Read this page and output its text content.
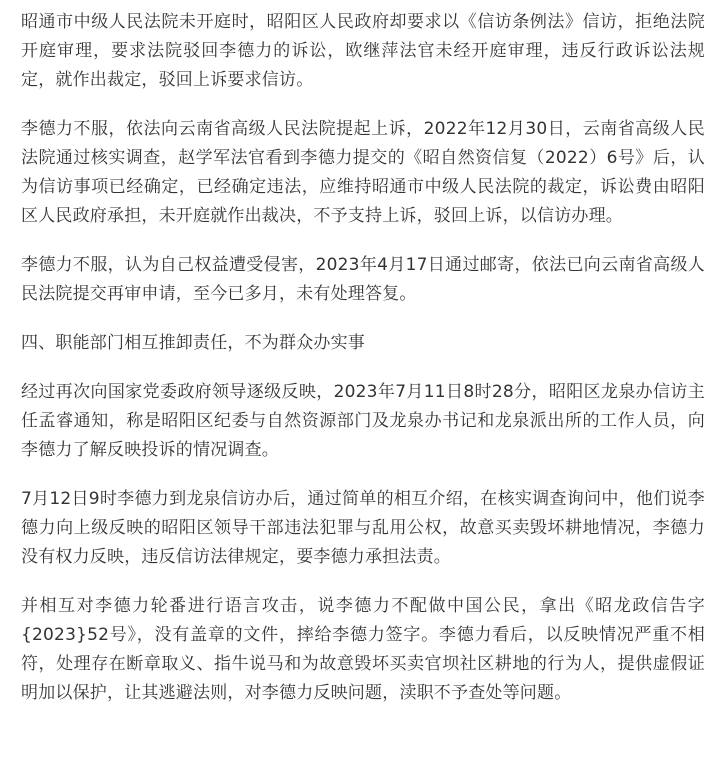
昭通市中级人民法院未开庭时，昭阳区人民政府却要求以《信访条例法》信访，拒绝法院开庭审理，要求法院驳回李德力的诉讼，欧继萍法官未经开庭审理，违反行政诉讼法规定，就作出裁定，驳回上诉要求信访。

李德力不服，依法向云南省高级人民法院提起上诉，2022年12月30日，云南省高级人民法院通过核实调查，赵学军法官看到李德力提交的《昭自然资信复（2022）6号》后，认为信访事项已经确定，已经确定违法，应维持昭通市中级人民法院的裁定，诉讼费由昭阳区人民政府承担，未开庭就作出裁决，不予支持上诉，驳回上诉，以信访办理。

李德力不服，认为自己权益遭受侵害，2023年4月17日通过邮寄，依法已向云南省高级人民法院提交再审申请，至今已多月，未有处理答复。

四、职能部门相互推卸责任，不为群众办实事

经过再次向国家党委政府领导逐级反映，2023年7月11日8时28分，昭阳区龙泉办信访主任孟睿通知，称是昭阳区纪委与自然资源部门及龙泉办书记和龙泉派出所的工作人员，向李德力了解反映投诉的情况调查。

7月12日9时李德力到龙泉信访办后，通过简单的相互介绍，在核实调查询问中，他们说李德力向上级反映的昭阳区领导干部违法犯罪与乱用公权，故意买卖毁坏耕地情况，李德力没有权力反映，违反信访法律规定，要李德力承担法责。

并相互对李德力轮番进行语言攻击，说李德力不配做中国公民，拿出《昭龙政信告字{2023}52号》，没有盖章的文件，摔给李德力签字。李德力看后，以反映情况严重不相符，处理存在断章取义、指牛说马和为故意毁坏买卖官坝社区耕地的行为人，提供虚假证明加以保护，让其逃避法则，对李德力反映问题，渎职不予查处等问题。
